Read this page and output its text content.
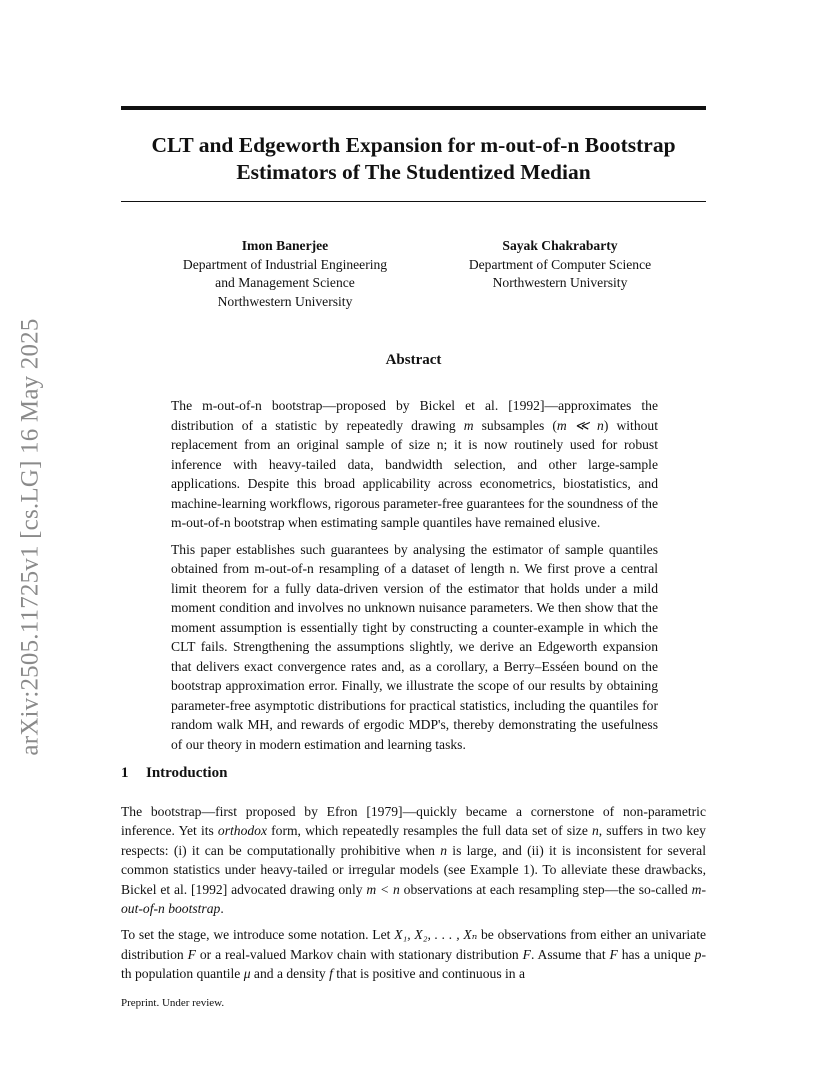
arXiv:2505.11725v1 [cs.LG] 16 May 2025
CLT and Edgeworth Expansion for m-out-of-n Bootstrap
Estimators of The Studentized Median
Imon Banerjee
Department of Industrial Engineering
and Management Science
Northwestern University
Sayak Chakrabarty
Department of Computer Science
Northwestern University
Abstract

The m-out-of-n bootstrap—proposed by Bickel et al. [1992]—approximates the distribution of a statistic by repeatedly drawing m subsamples (m ≪ n) without replacement from an original sample of size n; it is now routinely used for robust inference with heavy-tailed data, bandwidth selection, and other large-sample applications. Despite this broad applicability across econometrics, biostatistics, and machine-learning workflows, rigorous parameter-free guarantees for the soundness of the m-out-of-n bootstrap when estimating sample quantiles have remained elusive.

This paper establishes such guarantees by analysing the estimator of sample quantiles obtained from m-out-of-n resampling of a dataset of length n. We first prove a central limit theorem for a fully data-driven version of the estimator that holds under a mild moment condition and involves no unknown nuisance parameters. We then show that the moment assumption is essentially tight by constructing a counter-example in which the CLT fails. Strengthening the assumptions slightly, we derive an Edgeworth expansion that delivers exact convergence rates and, as a corollary, a Berry–Esséen bound on the bootstrap approximation error. Finally, we illustrate the scope of our results by obtaining parameter-free asymptotic distributions for practical statistics, including the quantiles for random walk MH, and rewards of ergodic MDP's, thereby demonstrating the usefulness of our theory in modern estimation and learning tasks.

1 Introduction

The bootstrap—first proposed by Efron [1979]—quickly became a cornerstone of non-parametric inference. Yet its orthodox form, which repeatedly resamples the full data set of size n, suffers in two key respects: (i) it can be computationally prohibitive when n is large, and (ii) it is inconsistent for several common statistics under heavy-tailed or irregular models (see Example 1). To alleviate these drawbacks, Bickel et al. [1992] advocated drawing only m < n observations at each resampling step—the so-called m-out-of-n bootstrap.

To set the stage, we introduce some notation. Let X₁, X₂, . . . , Xₙ be observations from either an univariate distribution F or a real-valued Markov chain with stationary distribution F. Assume that F has a unique p-th population quantile μ and a density f that is positive and continuous in a

Preprint. Under review.
